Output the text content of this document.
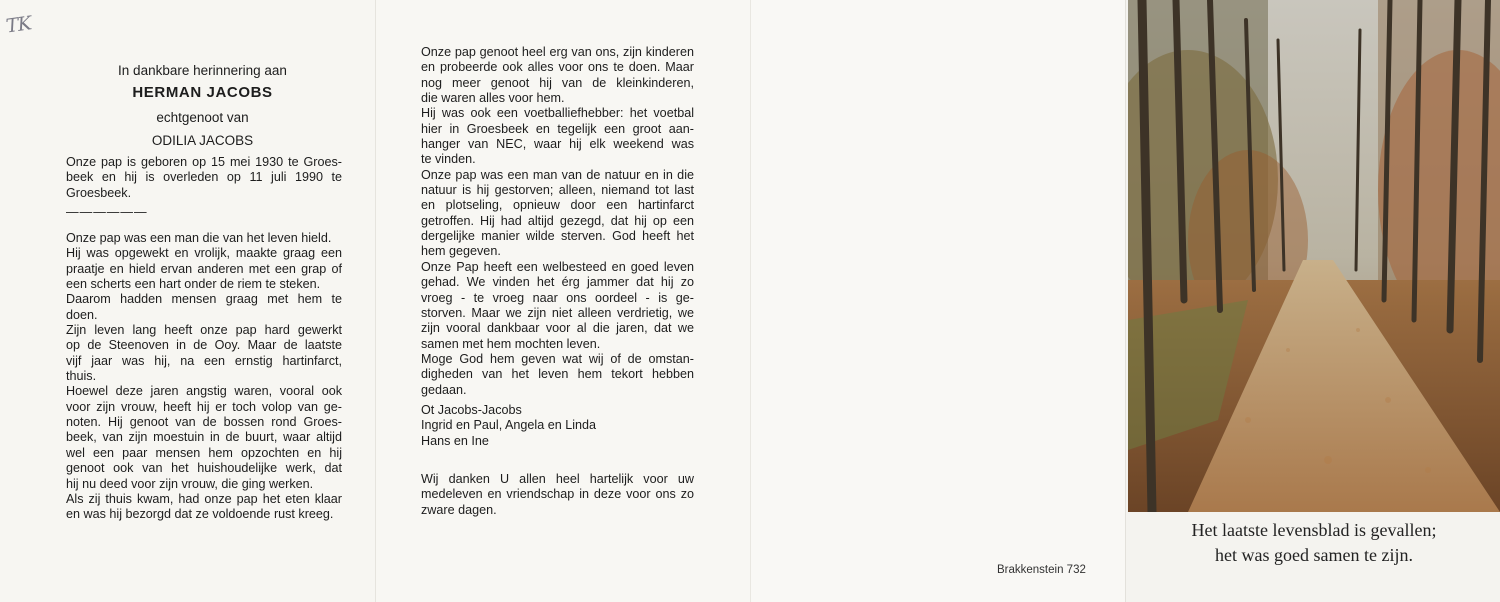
TK
In dankbare herinnering aan
HERMAN JACOBS
echtgenoot van
ODILIA JACOBS
Onze pap is geboren op 15 mei 1930 te Groes-
beek en hij is overleden op 11 juli 1990 te
Groesbeek.
——————
Onze pap was een man die van het leven hield.
Hij was opgewekt en vrolijk, maakte graag een
praatje en hield ervan anderen met een grap of
een scherts een hart onder de riem te steken.
Daarom hadden mensen graag met hem te
doen.
Zijn leven lang heeft onze pap hard gewerkt
op de Steenoven in de Ooy. Maar de laatste
vijf jaar was hij, na een ernstig hartinfarct,
thuis.
Hoewel deze jaren angstig waren, vooral ook
voor zijn vrouw, heeft hij er toch volop van ge-
noten. Hij genoot van de bossen rond Groes-
beek, van zijn moestuin in de buurt, waar altijd
wel een paar mensen hem opzochten en hij
genoot ook van het huishoudelijke werk, dat
hij nu deed voor zijn vrouw, die ging werken.
Als zij thuis kwam, had onze pap het eten klaar
en was hij bezorgd dat ze voldoende rust kreeg.
Onze pap genoot heel erg van ons, zijn kinderen
en probeerde ook alles voor ons te doen. Maar
nog meer genoot hij van de kleinkinderen,
die waren alles voor hem.
Hij was ook een voetballiefhebber: het voetbal
hier in Groesbeek en tegelijk een groot aan-
hanger van NEC, waar hij elk weekend was
te vinden.
Onze pap was een man van de natuur en in die
natuur is hij gestorven; alleen, niemand tot last
en plotseling, opnieuw door een hartinfarct
getroffen. Hij had altijd gezegd, dat hij op een
dergelijke manier wilde sterven. God heeft het
hem gegeven.
Onze Pap heeft een welbesteed en goed leven
gehad. We vinden het érg jammer dat hij zo
vroeg - te vroeg naar ons oordeel - is ge-
storven. Maar we zijn niet alleen verdrietig, we
zijn vooral dankbaar voor al die jaren, dat we
samen met hem mochten leven.
Moge God hem geven wat wij of de omstan-
digheden van het leven hem tekort hebben
gedaan.
Ot Jacobs-Jacobs
Ingrid en Paul, Angela en Linda
Hans en Ine
Wij danken U allen heel hartelijk voor uw
medeleven en vriendschap in deze voor ons zo
zware dagen.
Brakkenstein 732
Het laatste levensblad is gevallen;
het was goed samen te zijn.
